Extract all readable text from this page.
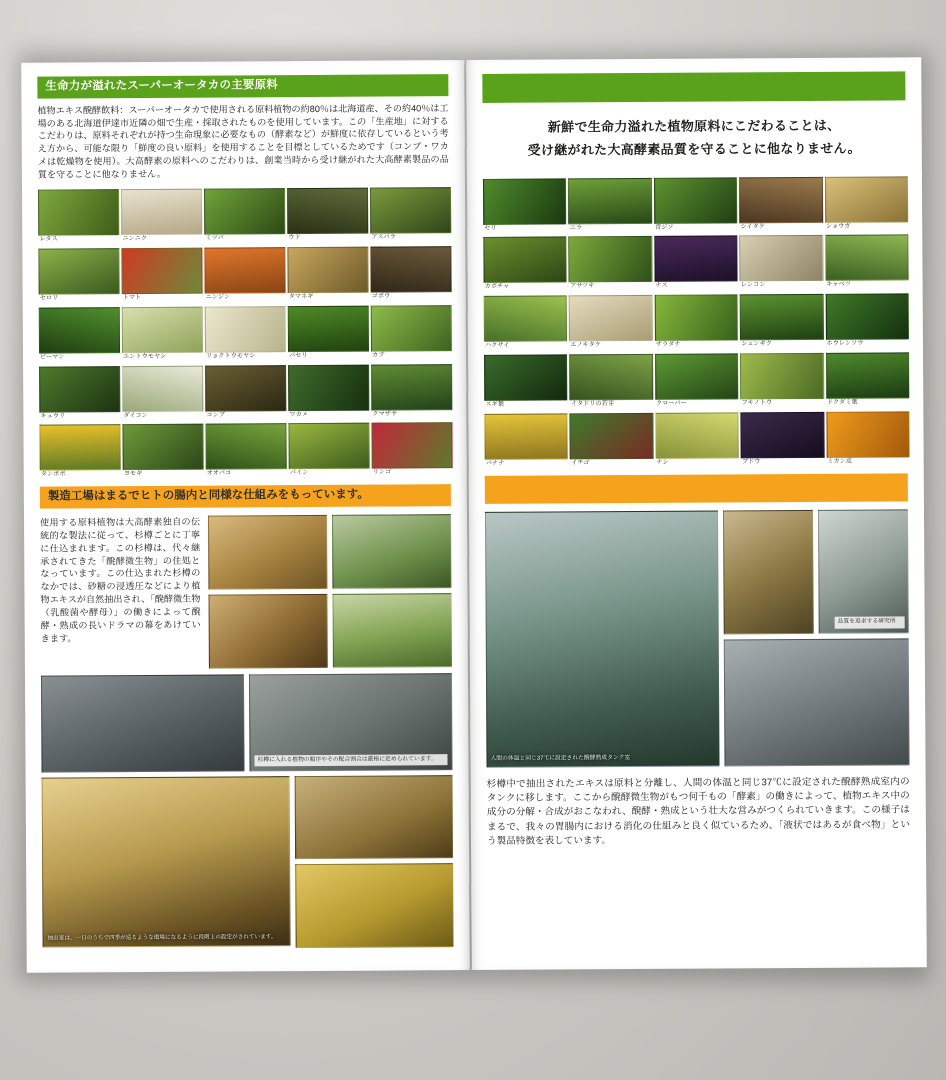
生命力が溢れたスーパーオータカの主要原料
植物エキス醗酵飲料：スーパーオータカで使用される原料植物の約80％は北海道産、その約40％は工場のある北海道伊達市近隣の畑で生産・採取されたものを使用しています。この「生産地」に対するこだわりは、原料それぞれが持つ生命現象に必要なもの（酵素など）が鮮度に依存しているという考え方から、可能な限り「鮮度の良い原料」を使用することを目標としているためです（コンブ・ワカメは乾燥物を使用）。大高酵素の原料へのこだわりは、創業当時から受け継がれた大高酵素製品の品質を守ることに他なりません。
レタス	ニンニク	ミツバ	ウド	アスパラ
セロリ	トマト	ニンジン	タマネギ	ゴボウ
ピーマン	エントウモヤシ	リョクトウモヤシ	パセリ	カブ
キュウリ	ダイコン	コンブ	ワカメ	クマザサ
タンポポ	ヨモギ	オオバコ	パイン	リンゴ
製造工場はまるでヒトの腸内と同様な仕組みをもっています。
使用する原料植物は大高酵素独自の伝統的な製法に従って、杉樽ごとに丁寧に仕込まれます。この杉樽は、代々継承されてきた「醗酵微生物」の住処となっています。この仕込まれた杉樽のなかでは、砂糖の浸透圧などにより植物エキスが自然抽出され、「醗酵微生物（乳酸菌や酵母）」の働きによって醗酵・熟成の長いドラマの幕をあけていきます。
杉樽に入れる植物の順序やその配合割合は厳格に定められています。
抽出室は、一日のうちで四季が巡るような環境になるように段階上の設定がされています。
新鮮で生命力溢れた植物原料にこだわることは、
受け継がれた大高酵素品質を守ることに他なりません。
セリ	ニラ	青ジソ	シイタケ	ショウガ
カボチャ	アサツキ	ナス	レンコン	キャベツ
ハクサイ	エノキタケ	サラダナ	シュンギク	ホウレンソウ
スギ葉	イタドリの若芽	クローバー	フキノトウ	ドクダミ葉
バナナ	イチゴ	ナシ	ブドウ	ミカン皮
人間の体温と同じ37℃に設定された醗酵熟成タンク室
品質を追求する研究所
杉樽中で抽出されたエキスは原料と分離し、人間の体温と同じ37℃に設定された醗酵熟成室内のタンクに移します。ここから醗酵微生物がもつ何千もの「酵素」の働きによって、植物エキス中の成分の分解・合成がおこなわれ、醗酵・熟成という壮大な営みがつくられていきます。この様子はまるで、我々の胃腸内における消化の仕組みと良く似ているため、「液状ではあるが食べ物」という製品特徴を表しています。
